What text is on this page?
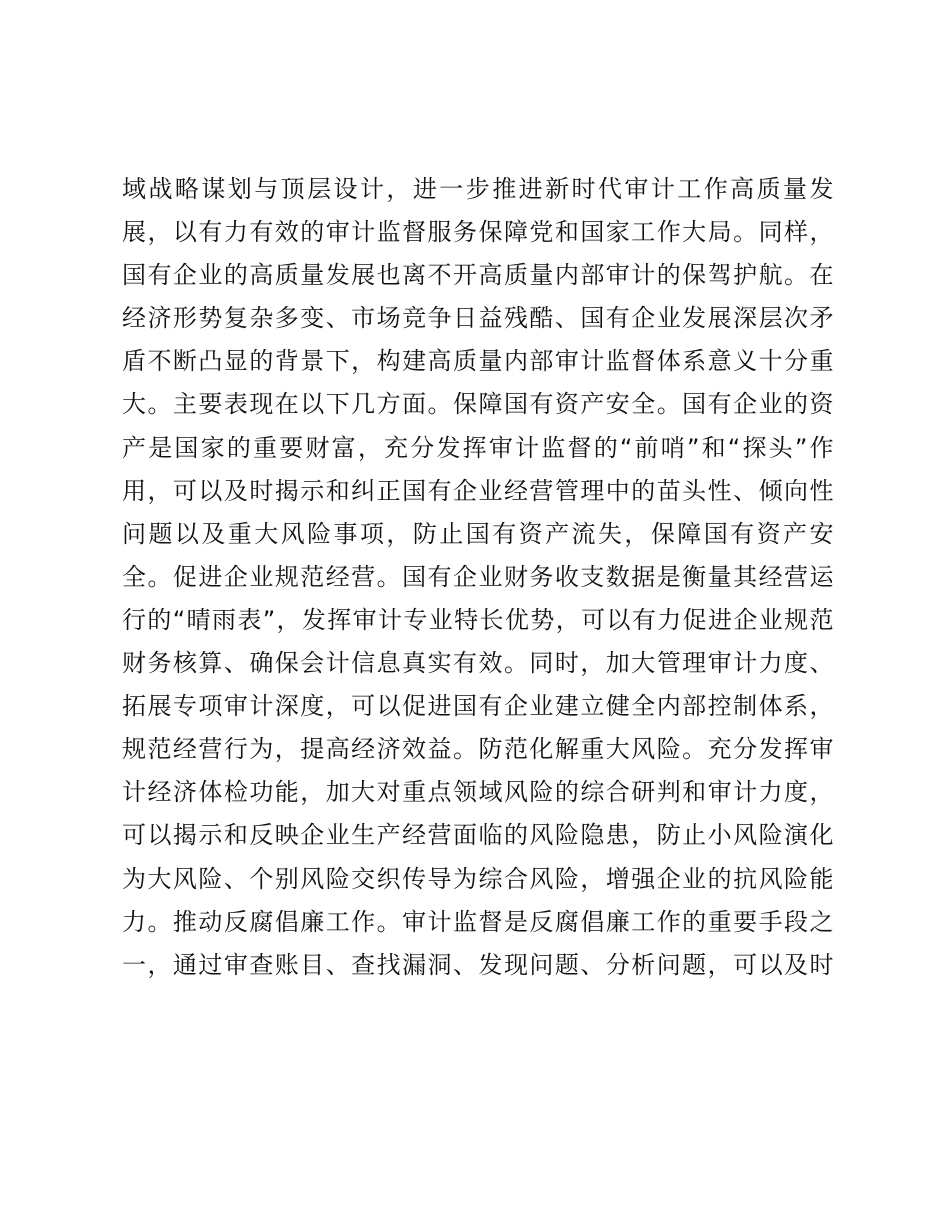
域战略谋划与顶层设计，进一步推进新时代审计工作高质量发
展，以有力有效的审计监督服务保障党和国家工作大局。同样，
国有企业的高质量发展也离不开高质量内部审计的保驾护航。在
经济形势复杂多变、市场竞争日益残酷、国有企业发展深层次矛
盾不断凸显的背景下，构建高质量内部审计监督体系意义十分重
大。主要表现在以下几方面。保障国有资产安全。国有企业的资
产是国家的重要财富，充分发挥审计监督的“前哨”和“探头”作
用，可以及时揭示和纠正国有企业经营管理中的苗头性、倾向性
问题以及重大风险事项，防止国有资产流失，保障国有资产安
全。促进企业规范经营。国有企业财务收支数据是衡量其经营运
行的“晴雨表”，发挥审计专业特长优势，可以有力促进企业规范
财务核算、确保会计信息真实有效。同时，加大管理审计力度、
拓展专项审计深度，可以促进国有企业建立健全内部控制体系，
规范经营行为，提高经济效益。防范化解重大风险。充分发挥审
计经济体检功能，加大对重点领域风险的综合研判和审计力度，
可以揭示和反映企业生产经营面临的风险隐患，防止小风险演化
为大风险、个别风险交织传导为综合风险，增强企业的抗风险能
力。推动反腐倡廉工作。审计监督是反腐倡廉工作的重要手段之
一，通过审查账目、查找漏洞、发现问题、分析问题，可以及时
